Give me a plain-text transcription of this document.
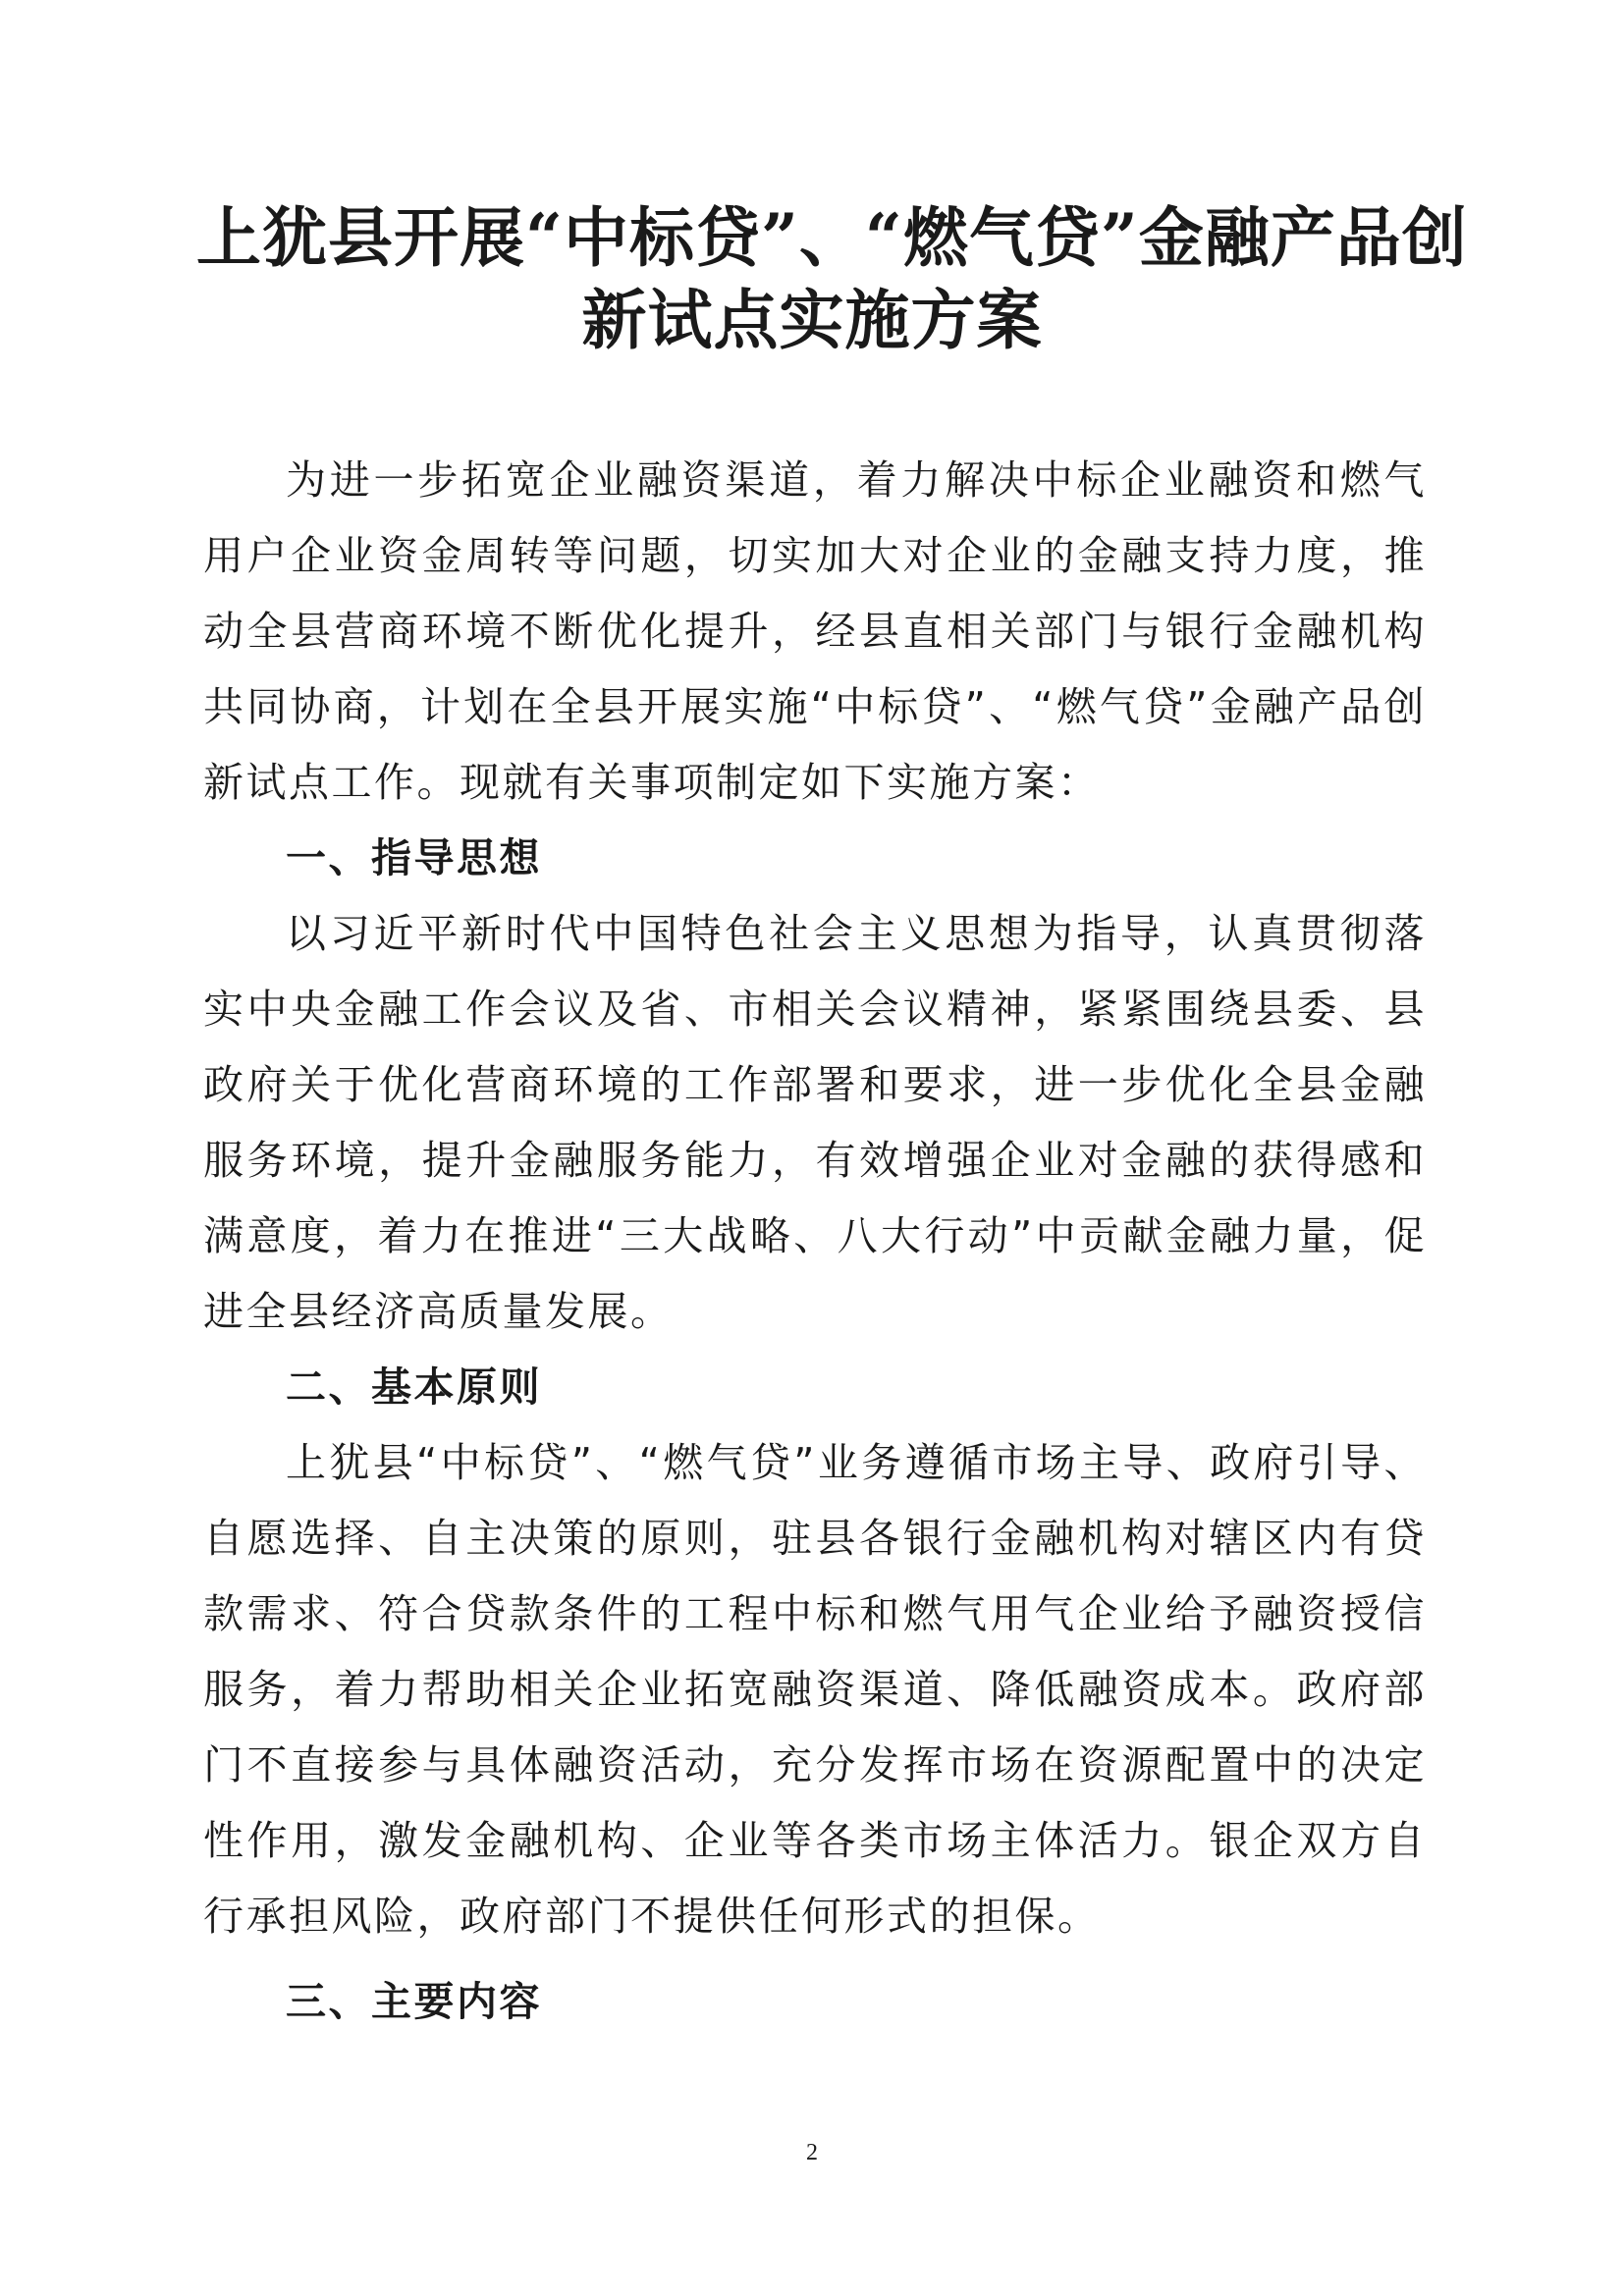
上犹县开展“中标贷”、“燃气贷”金融产品创
新试点实施方案

为进一步拓宽企业融资渠道，着力解决中标企业融资和燃气用户企业资金周转等问题，切实加大对企业的金融支持力度，推动全县营商环境不断优化提升，经县直相关部门与银行金融机构共同协商，计划在全县开展实施“中标贷”、“燃气贷”金融产品创新试点工作。现就有关事项制定如下实施方案：

一、指导思想

以习近平新时代中国特色社会主义思想为指导，认真贯彻落实中央金融工作会议及省、市相关会议精神，紧紧围绕县委、县政府关于优化营商环境的工作部署和要求，进一步优化全县金融服务环境，提升金融服务能力，有效增强企业对金融的获得感和满意度，着力在推进“三大战略、八大行动”中贡献金融力量，促进全县经济高质量发展。

二、基本原则

上犹县“中标贷”、“燃气贷”业务遵循市场主导、政府引导、自愿选择、自主决策的原则，驻县各银行金融机构对辖区内有贷款需求、符合贷款条件的工程中标和燃气用气企业给予融资授信服务，着力帮助相关企业拓宽融资渠道、降低融资成本。政府部门不直接参与具体融资活动，充分发挥市场在资源配置中的决定性作用，激发金融机构、企业等各类市场主体活力。银企双方自行承担风险，政府部门不提供任何形式的担保。

三、主要内容

2
